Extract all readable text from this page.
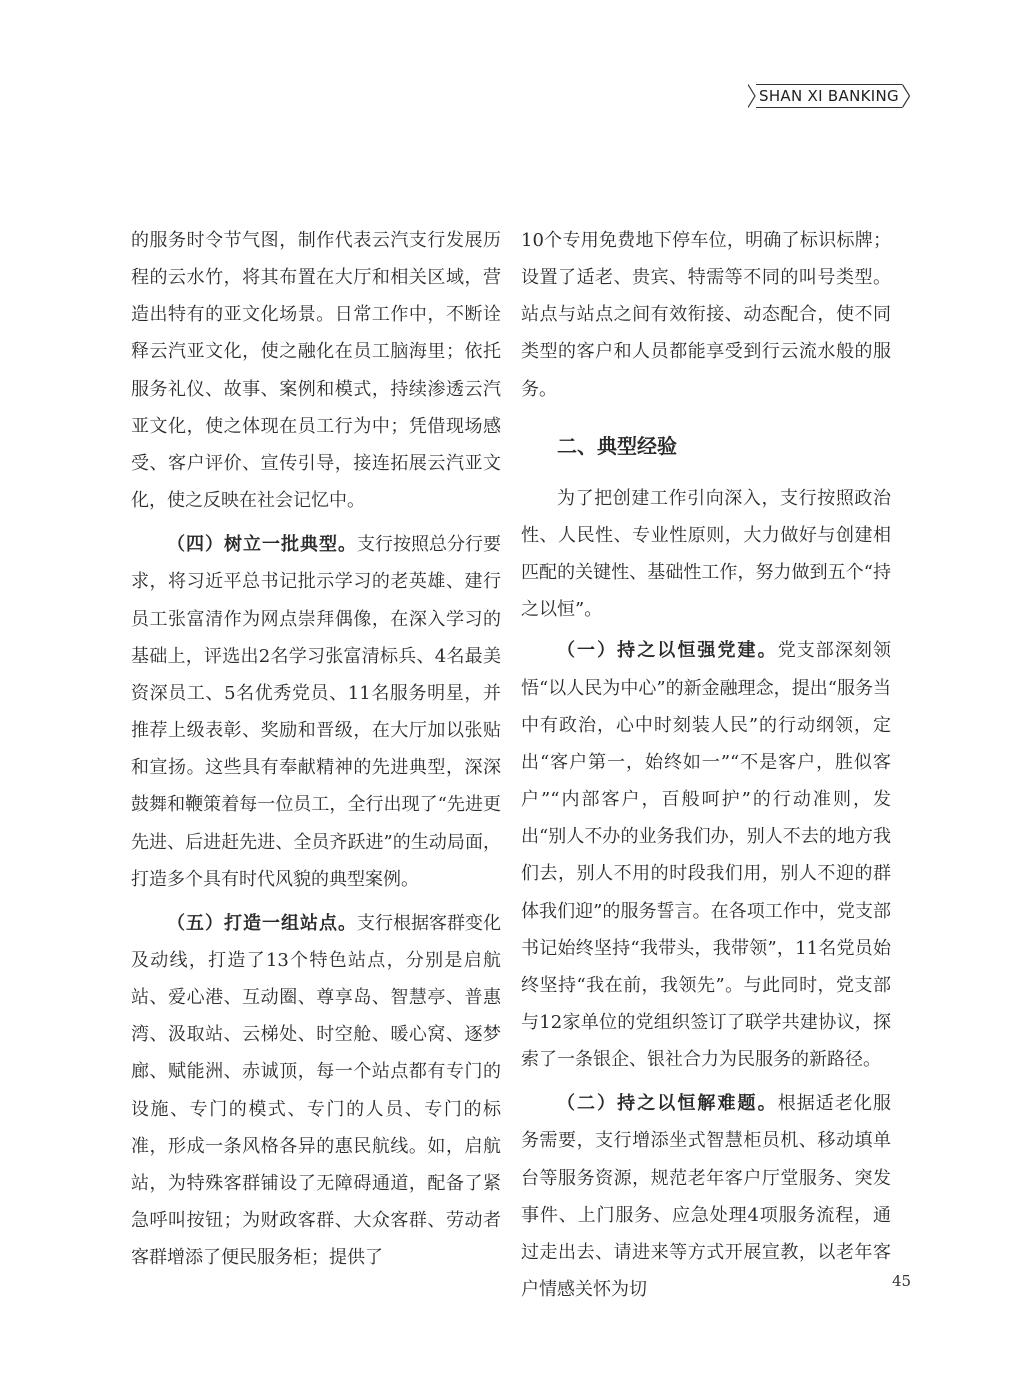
SHAN XI BANKING

的服务时令节气图，制作代表云汽支行发展历程的云水竹，将其布置在大厅和相关区域，营造出特有的亚文化场景。日常工作中，不断诠释云汽亚文化，使之融化在员工脑海里；依托服务礼仪、故事、案例和模式，持续渗透云汽亚文化，使之体现在员工行为中；凭借现场感受、客户评价、宣传引导，接连拓展云汽亚文化，使之反映在社会记忆中。

（四）树立一批典型。支行按照总分行要求，将习近平总书记批示学习的老英雄、建行员工张富清作为网点崇拜偶像，在深入学习的基础上，评选出2名学习张富清标兵、4名最美资深员工、5名优秀党员、11名服务明星，并推荐上级表彰、奖励和晋级，在大厅加以张贴和宣扬。这些具有奉献精神的先进典型，深深鼓舞和鞭策着每一位员工，全行出现了“先进更先进、后进赶先进、全员齐跃进”的生动局面，打造多个具有时代风貌的典型案例。

（五）打造一组站点。支行根据客群变化及动线，打造了13个特色站点，分别是启航站、爱心港、互动圈、尊享岛、智慧亭、普惠湾、汲取站、云梯处、时空舱、暖心窝、逐梦廊、赋能洲、赤诚顶，每一个站点都有专门的设施、专门的模式、专门的人员、专门的标准，形成一条风格各异的惠民航线。如，启航站，为特殊客群铺设了无障碍通道，配备了紧急呼叫按钮；为财政客群、大众客群、劳动者客群增添了便民服务柜；提供了

10个专用免费地下停车位，明确了标识标牌；设置了适老、贵宾、特需等不同的叫号类型。站点与站点之间有效衔接、动态配合，使不同类型的客户和人员都能享受到行云流水般的服务。

二、典型经验

为了把创建工作引向深入，支行按照政治性、人民性、专业性原则，大力做好与创建相匹配的关键性、基础性工作，努力做到五个“持之以恒”。

（一）持之以恒强党建。党支部深刻领悟“以人民为中心”的新金融理念，提出“服务当中有政治，心中时刻装人民”的行动纲领，定出“客户第一，始终如一”“不是客户，胜似客户”“内部客户，百般呵护”的行动准则，发出“别人不办的业务我们办，别人不去的地方我们去，别人不用的时段我们用，别人不迎的群体我们迎”的服务誓言。在各项工作中，党支部书记始终坚持“我带头，我带领”，11名党员始终坚持“我在前，我领先”。与此同时，党支部与12家单位的党组织签订了联学共建协议，探索了一条银企、银社合力为民服务的新路径。

（二）持之以恒解难题。根据适老化服务需要，支行增添坐式智慧柜员机、移动填单台等服务资源，规范老年客户厅堂服务、突发事件、上门服务、应急处理4项服务流程，通过走出去、请进来等方式开展宣教，以老年客户情感关怀为切	45
